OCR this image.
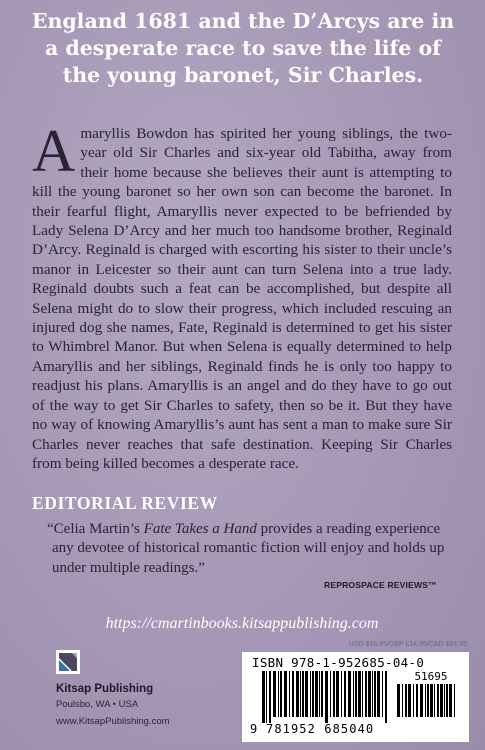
England 1681 and the D’Arcys are in a desperate race to save the life of the young baronet, Sir Charles.

Amaryllis Bowdon has spirited her young siblings, the two-year old Sir Charles and six-year old Tabitha, away from their home because she believes their aunt is attempting to kill the young baronet so her own son can become the baronet. In their fearful flight, Amaryllis never expected to be befriended by Lady Selena D’Arcy and her much too handsome brother, Reginald D’Arcy. Reginald is charged with escorting his sister to their uncle’s manor in Leicester so their aunt can turn Selena into a true lady. Reginald doubts such a feat can be accomplished, but despite all Selena might do to slow their progress, which included rescuing an injured dog she names, Fate, Reginald is determined to get his sister to Whimbrel Manor. But when Selena is equally determined to help Amaryllis and her siblings, Reginald finds he is only too happy to readjust his plans. Amaryllis is an angel and do they have to go out of the way to get Sir Charles to safety, then so be it. But they have no way of knowing Amaryllis’s aunt has sent a man to make sure Sir Charles never reaches that safe destination. Keeping Sir Charles from being killed becomes a desperate race.

EDITORIAL REVIEW

“Celia Martin’s Fate Takes a Hand provides a reading experience any devotee of historical romantic fiction will enjoy and holds up under multiple readings.”

REPROSPACE REVIEWS™
https://cmartinbooks.kitsappublishing.com
Kitsap Publishing
Poulsbo, WA • USA
www.KitsapPublishing.com
USD $16.95/GBP £14.95/CAD $24.95
ISBN 978-1-952685-04-0
51695
9 781952 685040
